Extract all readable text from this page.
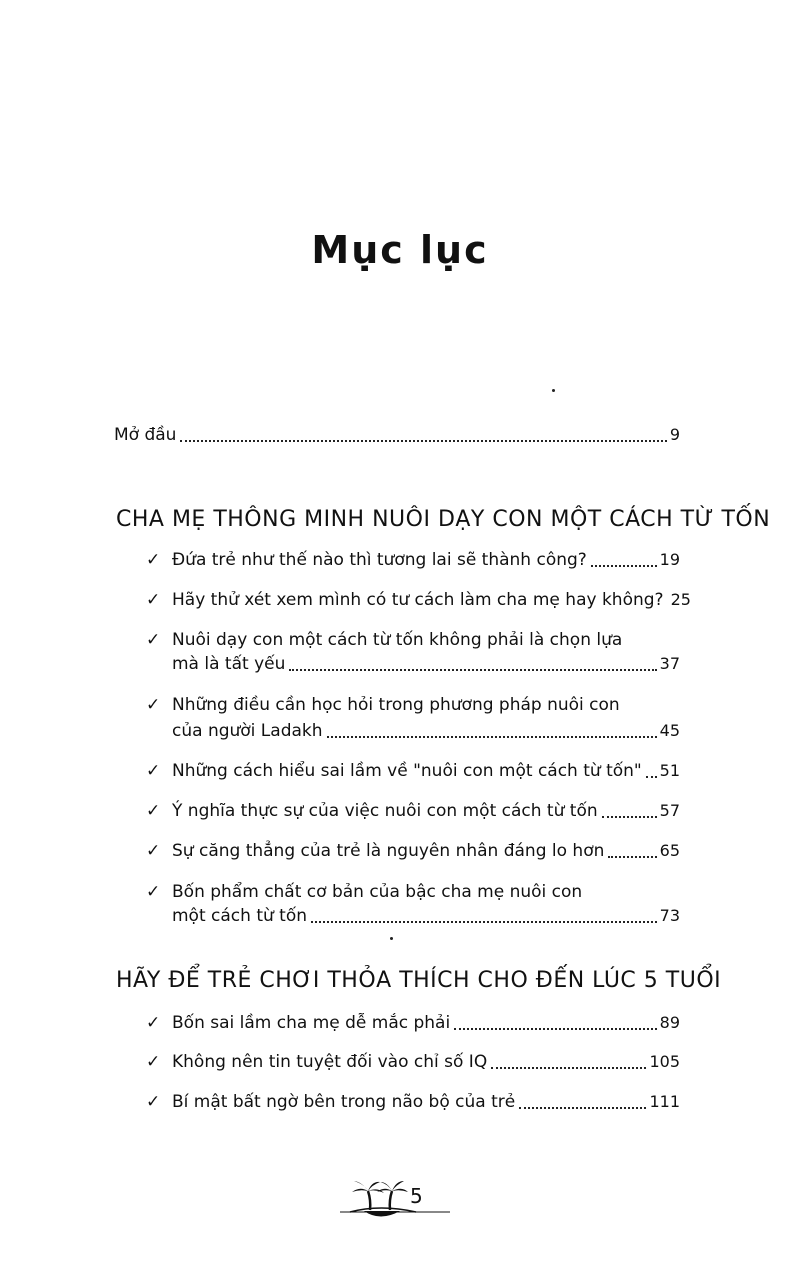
Mục lục
Mở đầu	9
CHA MẸ THÔNG MINH NUÔI DẠY CON MỘT CÁCH TỪ TỐN
✓ Đứa trẻ như thế nào thì tương lai sẽ thành công?	19
✓ Hãy thử xét xem mình có tư cách làm cha mẹ hay không? 25
✓ Nuôi dạy con một cách từ tốn không phải là chọn lựa
mà là tất yếu	37
✓ Những điều cần học hỏi trong phương pháp nuôi con
của người Ladakh	45
✓ Những cách hiểu sai lầm về "nuôi con một cách từ tốn" 51
✓ Ý nghĩa thực sự của việc nuôi con một cách từ tốn	57
✓ Sự căng thẳng của trẻ là nguyên nhân đáng lo hơn	65
✓ Bốn phẩm chất cơ bản của bậc cha mẹ nuôi con
một cách từ tốn	73
HÃY ĐỂ TRẺ CHƠI THỎA THÍCH CHO ĐẾN LÚC 5 TUỔI
✓ Bốn sai lầm cha mẹ dễ mắc phải	89
✓ Không nên tin tuyệt đối vào chỉ số IQ	105
✓ Bí mật bất ngờ bên trong não bộ của trẻ	111
5
